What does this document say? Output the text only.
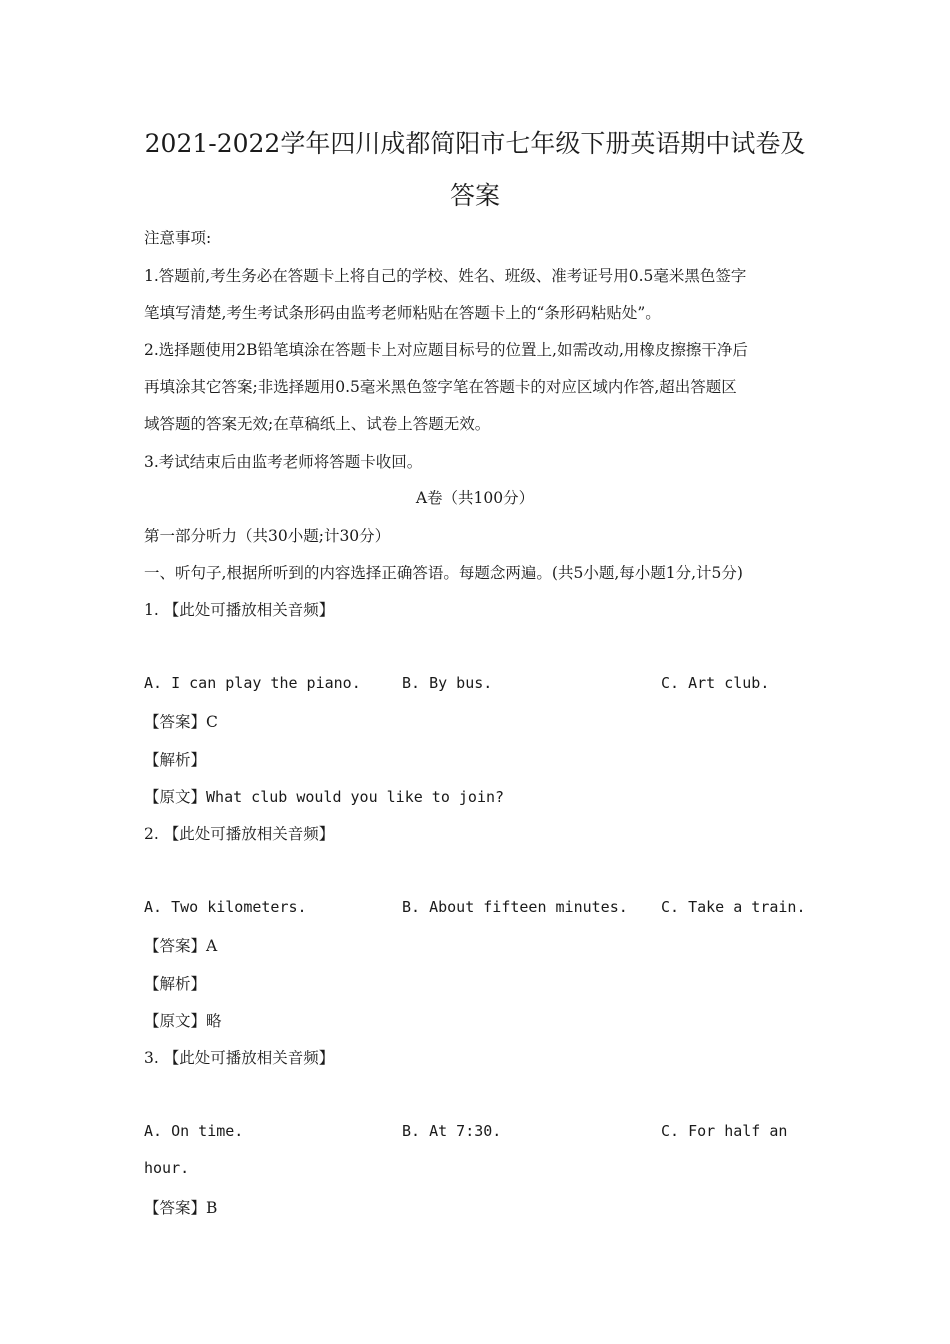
2021-2022学年四川成都简阳市七年级下册英语期中试卷及
答案
注意事项:
1.答题前,考生务必在答题卡上将自己的学校、姓名、班级、准考证号用0.5毫米黑色签字
笔填写清楚,考生考试条形码由监考老师粘贴在答题卡上的“条形码粘贴处”。
2.选择题使用2B铅笔填涂在答题卡上对应题目标号的位置上,如需改动,用橡皮擦擦干净后
再填涂其它答案;非选择题用0.5毫米黑色签字笔在答题卡的对应区域内作答,超出答题区
域答题的答案无效;在草稿纸上、试卷上答题无效。
3.考试结束后由监考老师将答题卡收回。
A卷（共100分）
第一部分听力（共30小题;计30分）
一、听句子,根据所听到的内容选择正确答语。每题念两遍。(共5小题,每小题1分,计5分)
1. 【此处可播放相关音频】
A. I can play the piano.	B. By bus.	C. Art club.
【答案】C
【解析】
【原文】What club would you like to join?
2. 【此处可播放相关音频】
A. Two kilometers.	B. About fifteen minutes. C. Take a train.
【答案】A
【解析】
【原文】略
3. 【此处可播放相关音频】
A. On time.	B. At 7:30.	C. For half an
hour.
【答案】B
